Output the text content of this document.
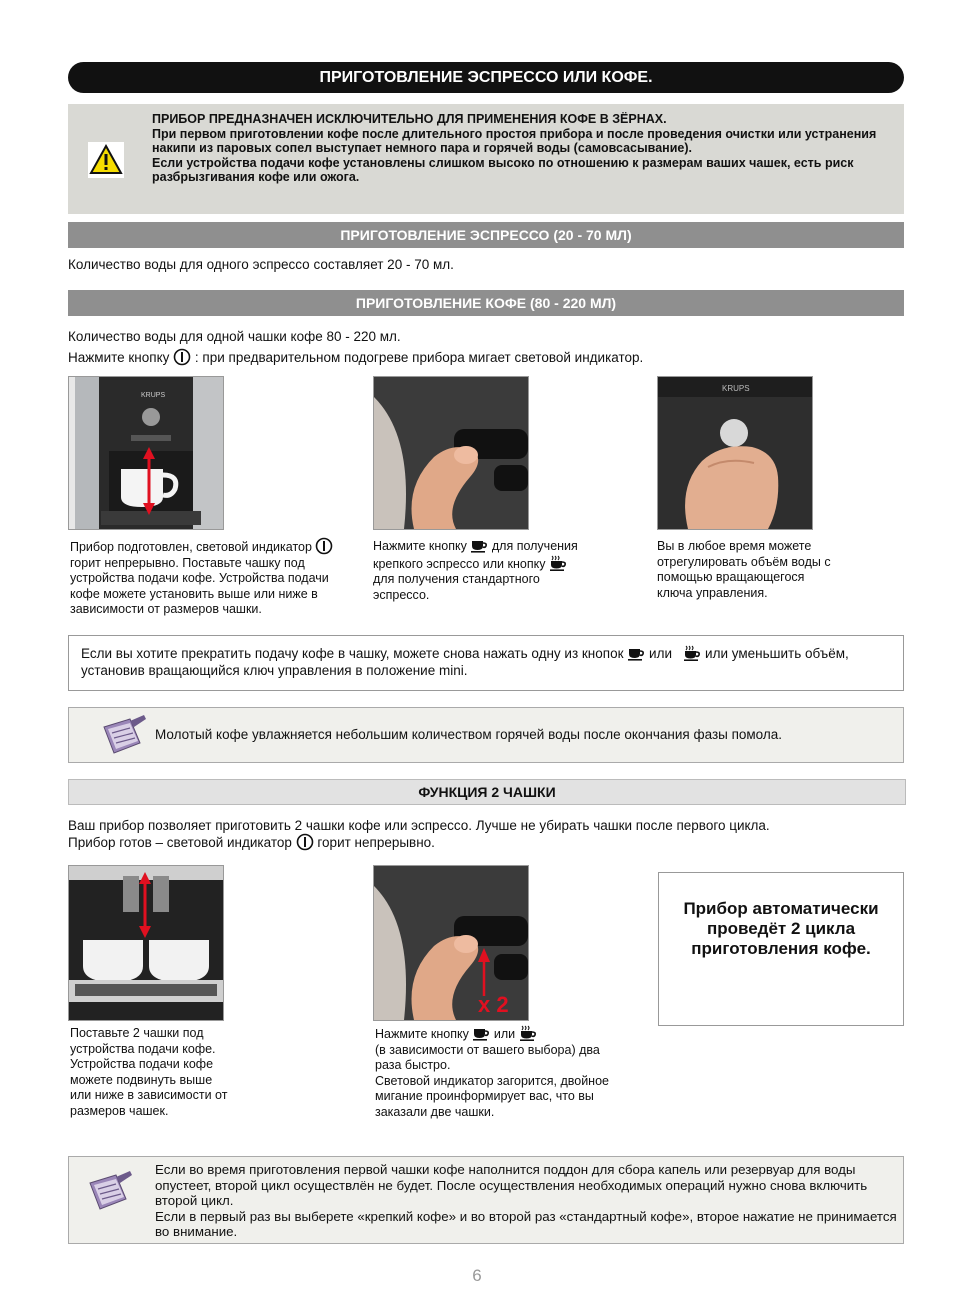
ПРИГОТОВЛЕНИЕ ЭСПРЕССО ИЛИ КОФЕ.
ПРИБОР ПРЕДНАЗНАЧЕН ИСКЛЮЧИТЕЛЬНО ДЛЯ ПРИМЕНЕНИЯ КОФЕ В ЗЁРНАХ.
При первом приготовлении кофе после длительного простоя прибора и после проведения очистки или устранения накипи из паровых сопел выступает немного пара и горячей воды (самовсасывание).
Если устройства подачи кофе установлены слишком высоко по отношению к размерам ваших чашек, есть риск разбрызгивания кофе или ожога.
ПРИГОТОВЛЕНИЕ ЭСПРЕССО (20 - 70 МЛ)
Количество воды для одного эспрессо составляет 20 - 70 мл.
ПРИГОТОВЛЕНИЕ КОФЕ (80 - 220 МЛ)
Количество воды для одной чашки кофе 80 - 220 мл.
Нажмите кнопку : при предварительном подогреве прибора мигает световой индикатор.
KRUPS
Прибор подготовлен, световой индикатор  горит непрерывно. Поставьте чашку под устройства подачи кофе. Устройства подачи кофе можете установить выше или ниже в зависимости от размеров чашки.
Нажмите кнопку для получения крепкого эспрессо или кнопку  для получения стандартного эспрессо.
KRUPS
Вы в любое время можете отрегулировать объём воды с помощью вращающегося ключа управления.
Если вы хотите прекратить подачу кофе в чашку, можете снова нажать одну из кнопок или или уменьшить объём, установив вращающийся ключ управления в положение mini.
Молотый кофе увлажняется небольшим количеством горячей воды после окончания фазы помола.
ФУНКЦИЯ 2 ЧАШКИ
Ваш прибор позволяет приготовить 2 чашки кофе или эспрессо. Лучше не убирать чашки после первого цикла.
Прибор готов – световой индикатор горит непрерывно.
Поставьте 2 чашки под устройства подачи кофе. Устройства подачи кофе можете подвинуть выше или ниже в зависимости от размеров чашек.
x 2
Нажмите кнопку или
(в зависимости от вашего выбора) два раза быстро.
Световой индикатор загорится, двойное мигание проинформирует вас, что вы заказали две чашки.
Прибор автоматически проведёт 2 цикла приготовления кофе.
Если во время приготовления первой чашки кофе наполнится поддон для сбора капель или резервуар для воды опустеет, второй цикл осуществлён не будет. После осуществления необходимых операций нужно снова включить второй цикл.
Если в первый раз вы выберете «крепкий кофе» и во второй раз «стандартный кофе», второе нажатие не принимается во внимание.
6
